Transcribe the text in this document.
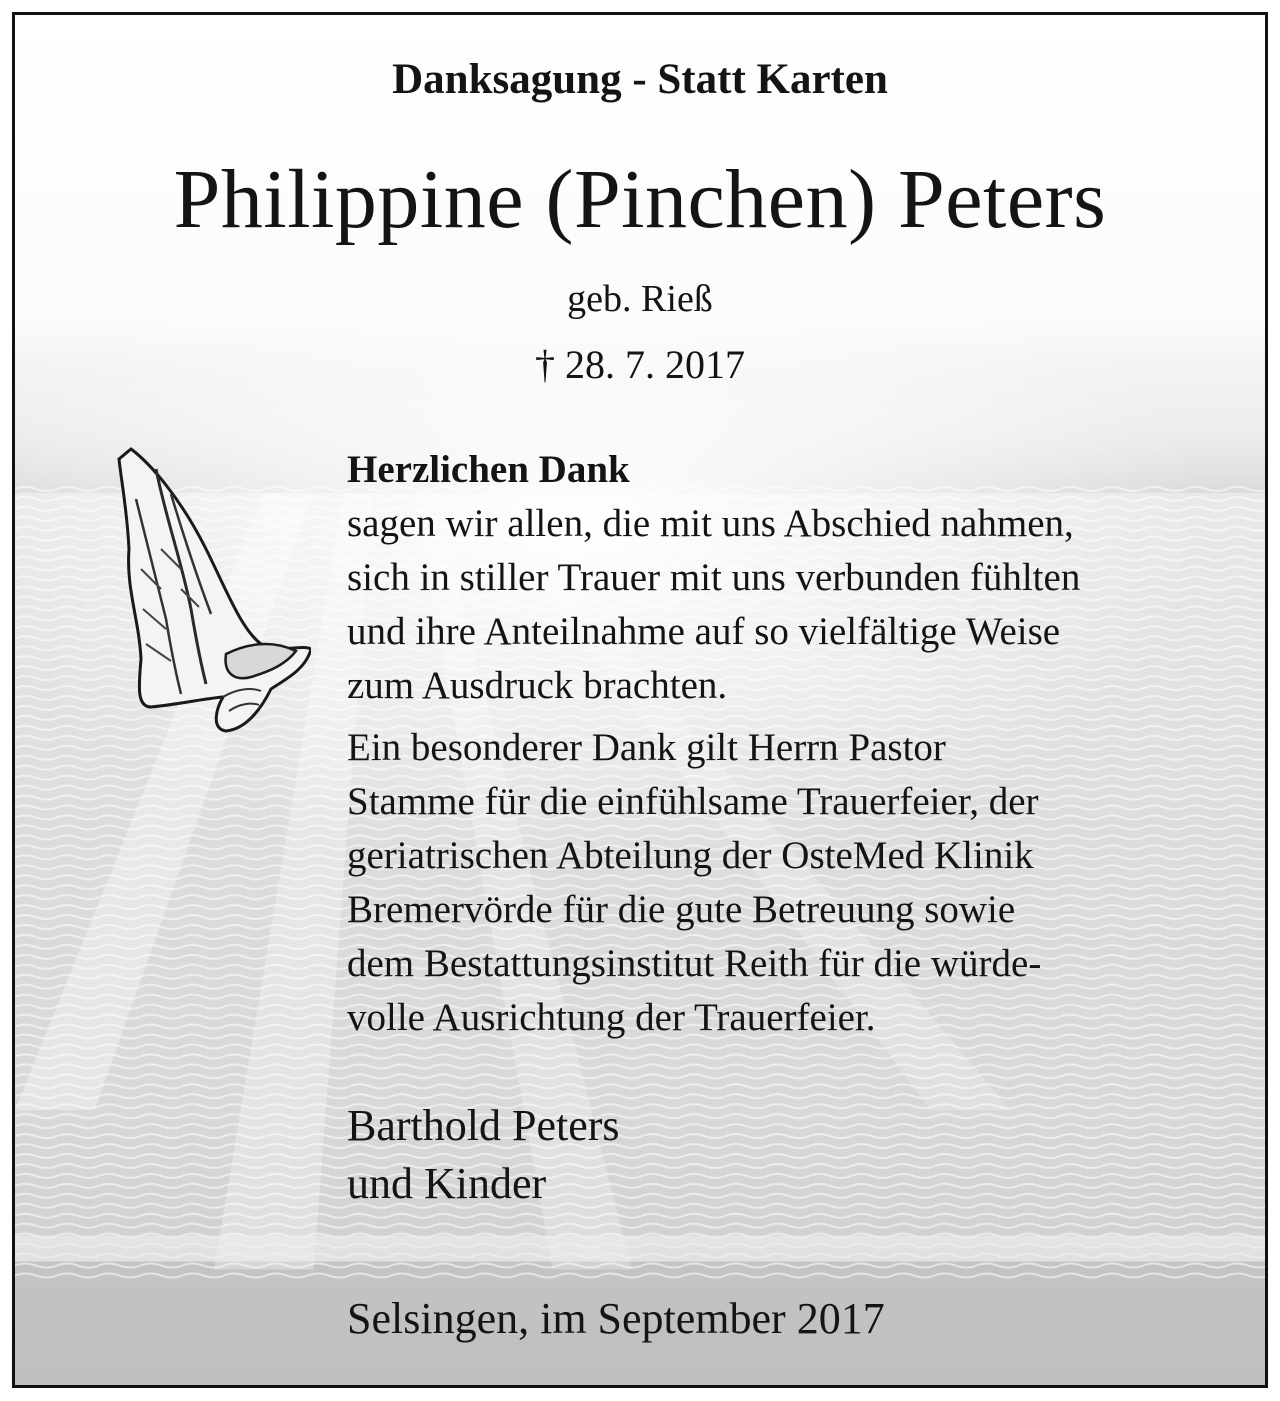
Danksagung - Statt Karten
Philippine (Pinchen) Peters
geb. Rieß
† 28. 7. 2017

Herzlichen Dank

sagen wir allen, die mit uns Abschied nahmen,
sich in stiller Trauer mit uns verbunden fühlten
und ihre Anteilnahme auf so vielfältige Weise
zum Ausdruck brachten.

Ein besonderer Dank gilt Herrn Pastor
Stamme für die einfühlsame Trauerfeier, der
geriatrischen Abteilung der OsteMed Klinik
Bremervörde für die gute Betreuung sowie
dem Bestattungsinstitut Reith für die würde-
volle Ausrichtung der Trauerfeier.

Barthold Peters
und Kinder
Selsingen, im September 2017
